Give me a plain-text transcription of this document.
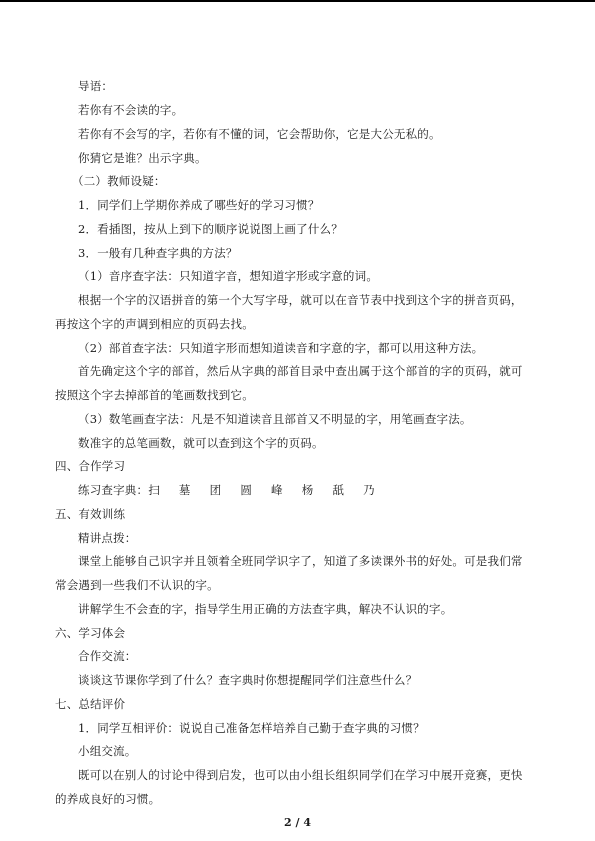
导语：
若你有不会读的字。
若你有不会写的字，若你有不懂的词，它会帮助你，它是大公无私的。
你猜它是谁？出示字典。
（二）教师设疑：
1．同学们上学期你养成了哪些好的学习习惯？
2．看插图，按从上到下的顺序说说图上画了什么？
3．一般有几种查字典的方法？
（1）音序查字法：只知道字音，想知道字形或字意的词。
根据一个字的汉语拼音的第一个大写字母，就可以在音节表中找到这个字的拼音页码，
再按这个字的声调到相应的页码去找。
（2）部首查字法：只知道字形而想知道读音和字意的字，都可以用这种方法。
首先确定这个字的部首，然后从字典的部首目录中查出属于这个部首的字的页码，就可
按照这个字去掉部首的笔画数找到它。
（3）数笔画查字法：凡是不知道读音且部首又不明显的字，用笔画查字法。
数准字的总笔画数，就可以查到这个字的页码。
四、合作学习
练习查字典：扫 墓 团 圆 峰 杨 舐 乃
五、有效训练
精讲点拨：
课堂上能够自己识字并且领着全班同学识字了，知道了多读课外书的好处。可是我们常
常会遇到一些我们不认识的字。
讲解学生不会查的字，指导学生用正确的方法查字典，解决不认识的字。
六、学习体会
合作交流：
谈谈这节课你学到了什么？查字典时你想提醒同学们注意些什么？
七、总结评价
1．同学互相评价：说说自己准备怎样培养自己勤于查字典的习惯？
小组交流。
既可以在别人的讨论中得到启发，也可以由小组长组织同学们在学习中展开竞赛，更快
的养成良好的习惯。
2 / 4
